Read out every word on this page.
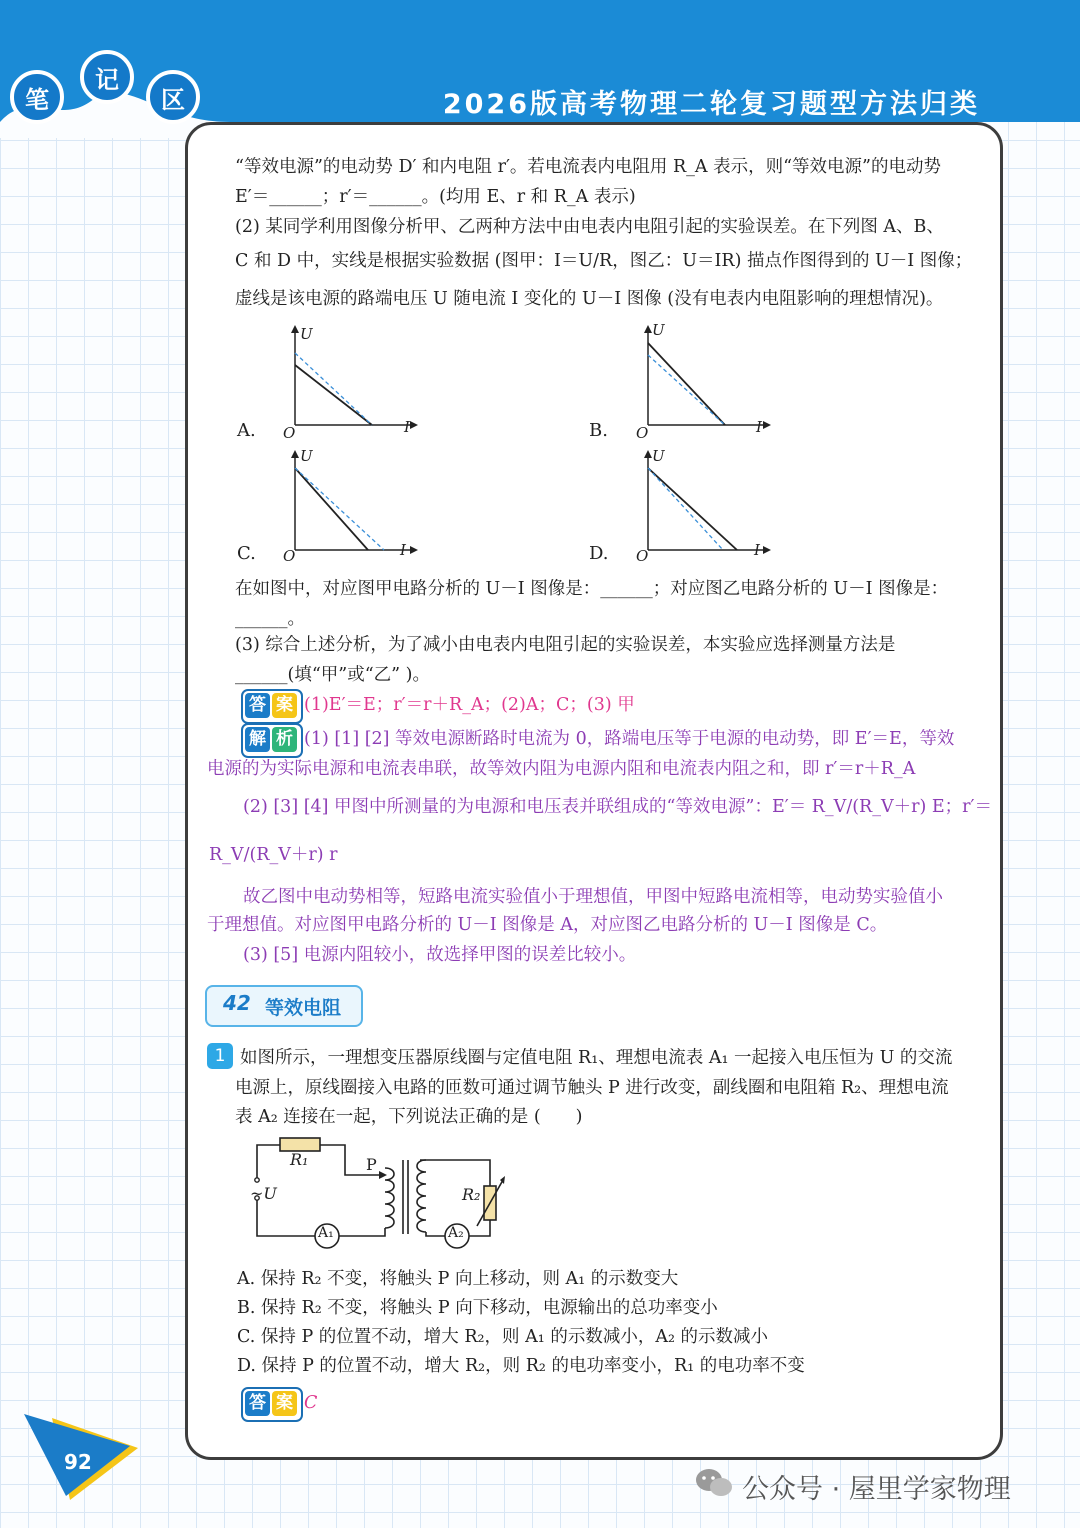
笔
记
区	2026版高考物理二轮复习题型方法归类
“等效电源”的电动势 D′ 和内电阻 r′。若电流表内电阻用 R_A 表示，则“等效电源”的电动势
E′＝______；r′＝______。(均用 E、r 和 R_A 表示)
(2) 某同学利用图像分析甲、乙两种方法中由电表内电阻引起的实验误差。在下列图 A、B、
C 和 D 中，实线是根据实验数据 (图甲：I＝U/R，图乙：U＝IR) 描点作图得到的 U－I 图像；
虚线是该电源的路端电压 U 随电流 I 变化的 U－I 图像 (没有电表内电阻影响的理想情况)。
A.	B.
C.	D.
U
I
O
U
I
O
U
I
O
U
I
O
在如图中，对应图甲电路分析的 U－I 图像是：______；对应图乙电路分析的 U－I 图像是：
______。
(3) 综合上述分析，为了减小由电表内电阻引起的实验误差，本实验应选择测量方法是
______(填“甲”或“乙” )。
答 案 (1)E′＝E；r′＝r＋R_A；(2)A；C；(3) 甲
解 析 (1) [1] [2] 等效电源断路时电流为 0，路端电压等于电源的电动势，即 E′＝E，等效
电源的为实际电源和电流表串联，故等效内阻为电源内阻和电流表内阻之和，即 r′＝r＋R_A
(2) [3] [4] 甲图中所测量的为电源和电压表并联组成的“等效电源”：E′＝ R_V/(R_V＋r) E；r′＝
R_V/(R_V＋r) r
故乙图中电动势相等，短路电流实验值小于理想值，甲图中短路电流相等，电动势实验值小
于理想值。对应图甲电路分析的 U－I 图像是 A，对应图乙电路分析的 U－I 图像是 C。
(3) [5] 电源内阻较小，故选择甲图的误差比较小。
42 等效电阻
1 如图所示，一理想变压器原线圈与定值电阻 R₁、理想电流表 A₁ 一起接入电压恒为 U 的交流
电源上，原线圈接入电路的匝数可通过调节触头 P 进行改变，副线圈和电阻箱 R₂、理想电流
表 A₂ 连接在一起，下列说法正确的是 (　　)
R₁	P
~U	R₂
A₁	A₂
A. 保持 R₂ 不变，将触头 P 向上移动，则 A₁ 的示数变大
B. 保持 R₂ 不变，将触头 P 向下移动，电源输出的总功率变小
C. 保持 P 的位置不动，增大 R₂，则 A₁ 的示数减小，A₂ 的示数减小
D. 保持 P 的位置不动，增大 R₂，则 R₂ 的电功率变小，R₁ 的电功率不变
答 案 C
92
公众号 · 屋里学家物理
